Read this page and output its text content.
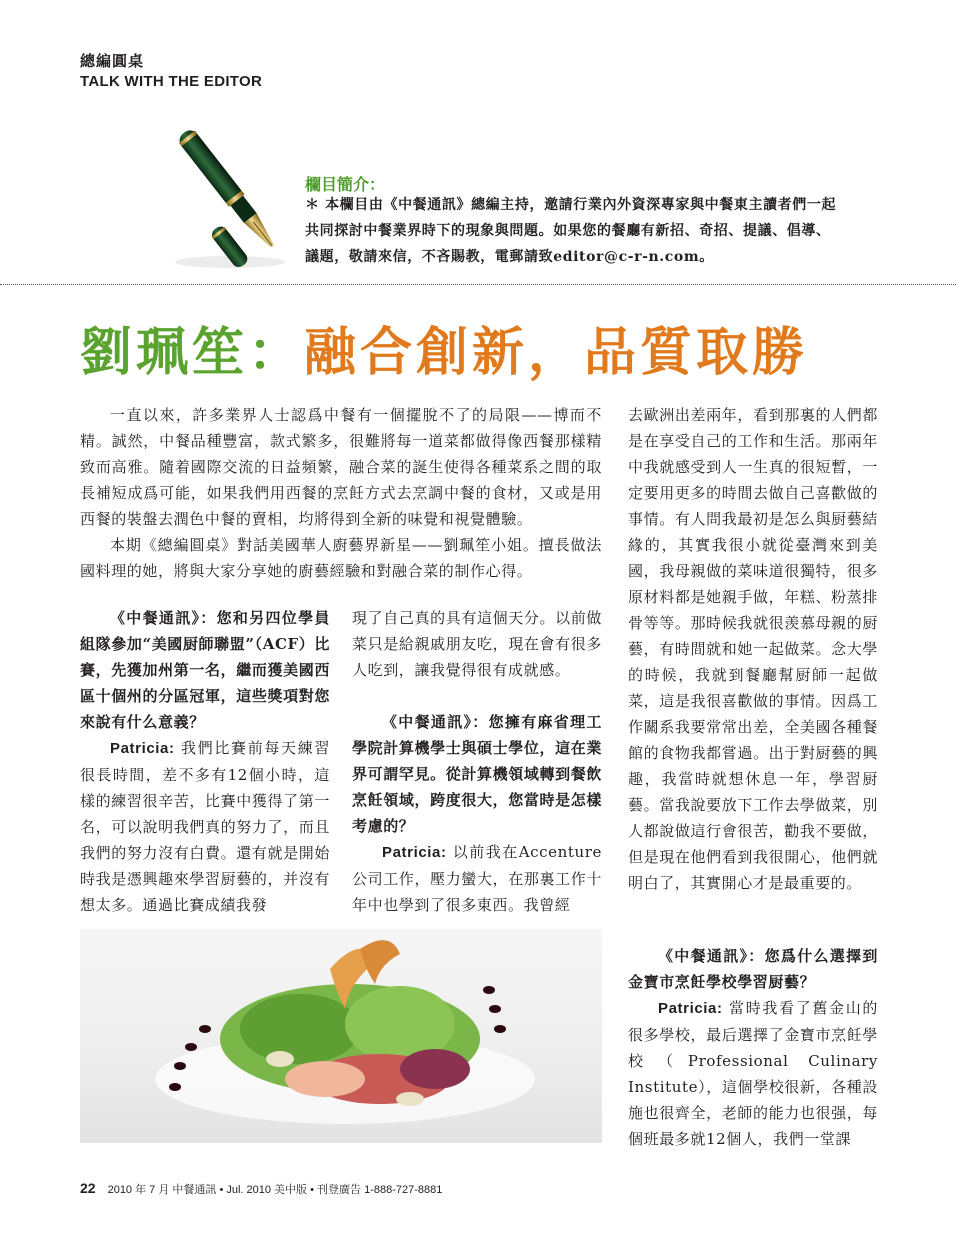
總編圓桌
TALK WITH THE EDITOR
欄目簡介：
＊ 本欄目由《中餐通訊》總編主持，邀請行業內外資深專家與中餐東主讀者們一起共同探討中餐業界時下的現象與問題。如果您的餐廳有新招、奇招、提議、倡導、議題，敬請來信，不吝賜教，電郵請致editor@c-r-n.com。
劉珮笙：融合創新，品質取勝

一直以來，許多業界人士認爲中餐有一個擺脫不了的局限——博而不精。誠然，中餐品種豐富，款式繁多，很難將每一道菜都做得像西餐那樣精致而高雅。隨着國際交流的日益頻繁，融合菜的誕生使得各種菜系之間的取長補短成爲可能，如果我們用西餐的烹飪方式去烹調中餐的食材，又或是用西餐的裝盤去潤色中餐的賣相，均將得到全新的味覺和視覺體驗。

本期《總編圓桌》對話美國華人廚藝界新星——劉珮笙小姐。擅長做法國料理的她，將與大家分享她的廚藝經驗和對融合菜的制作心得。

《中餐通訊》：您和另四位學員組隊參加“美國厨師聯盟”（ACF）比賽，先獲加州第一名，繼而獲美國西區十個州的分區冠軍，這些獎項對您來說有什么意義？

Patricia: 我們比賽前每天練習很長時間，差不多有12個小時，這樣的練習很辛苦，比賽中獲得了第一名，可以說明我們真的努力了，而且我們的努力沒有白費。還有就是開始時我是憑興趣來學習厨藝的，并沒有想太多。通過比賽成績我發

現了自己真的具有這個天分。以前做菜只是給親戚朋友吃，現在會有很多人吃到，讓我覺得很有成就感。

《中餐通訊》：您擁有麻省理工學院計算機學士與碩士學位，這在業界可謂罕見。從計算機領域轉到餐飲烹飪領域，跨度很大，您當時是怎樣考慮的？

Patricia: 以前我在Accenture公司工作，壓力蠻大，在那裏工作十年中也學到了很多東西。我曾經

去歐洲出差兩年，看到那裏的人們都是在享受自己的工作和生活。那兩年中我就感受到人一生真的很短暫，一定要用更多的時間去做自己喜歡做的事情。有人問我最初是怎么與厨藝結緣的，其實我很小就從臺灣來到美國，我母親做的菜味道很獨特，很多原材料都是她親手做，年糕、粉蒸排骨等等。那時候我就很羡慕母親的厨藝，有時間就和她一起做菜。念大學的時候，我就到餐廳幫厨師一起做菜，這是我很喜歡做的事情。因爲工作關系我要常常出差，全美國各種餐館的食物我都嘗過。出于對厨藝的興趣，我當時就想休息一年，學習厨藝。當我說要放下工作去學做菜，別人都說做這行會很苦，勸我不要做，但是現在他們看到我很開心，他們就明白了，其實開心才是最重要的。

《中餐通訊》：您爲什么選擇到金寶市烹飪學校學習厨藝？

Patricia: 當時我看了舊金山的很多學校，最后選擇了金寶市烹飪學校（Professional Culinary Institute），這個學校很新，各種設施也很齊全，老師的能力也很强，每個班最多就12個人，我們一堂課

22 2010 年 7 月 中餐通訊 • Jul. 2010 美中版 • 刊登廣告 1-888-727-8881
